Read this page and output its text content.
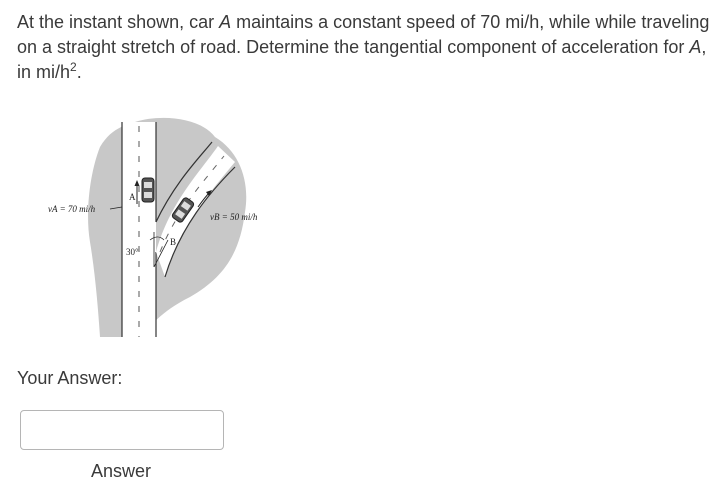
At the instant shown, car A maintains a constant speed of 70 mi/h, while while traveling on a straight stretch of road. Determine the tangential component of acceleration for A, in $mi/h^2$.
A
B
30°
vA = 70 mi/h
vB = 50 mi/h
Your Answer:
Answer
